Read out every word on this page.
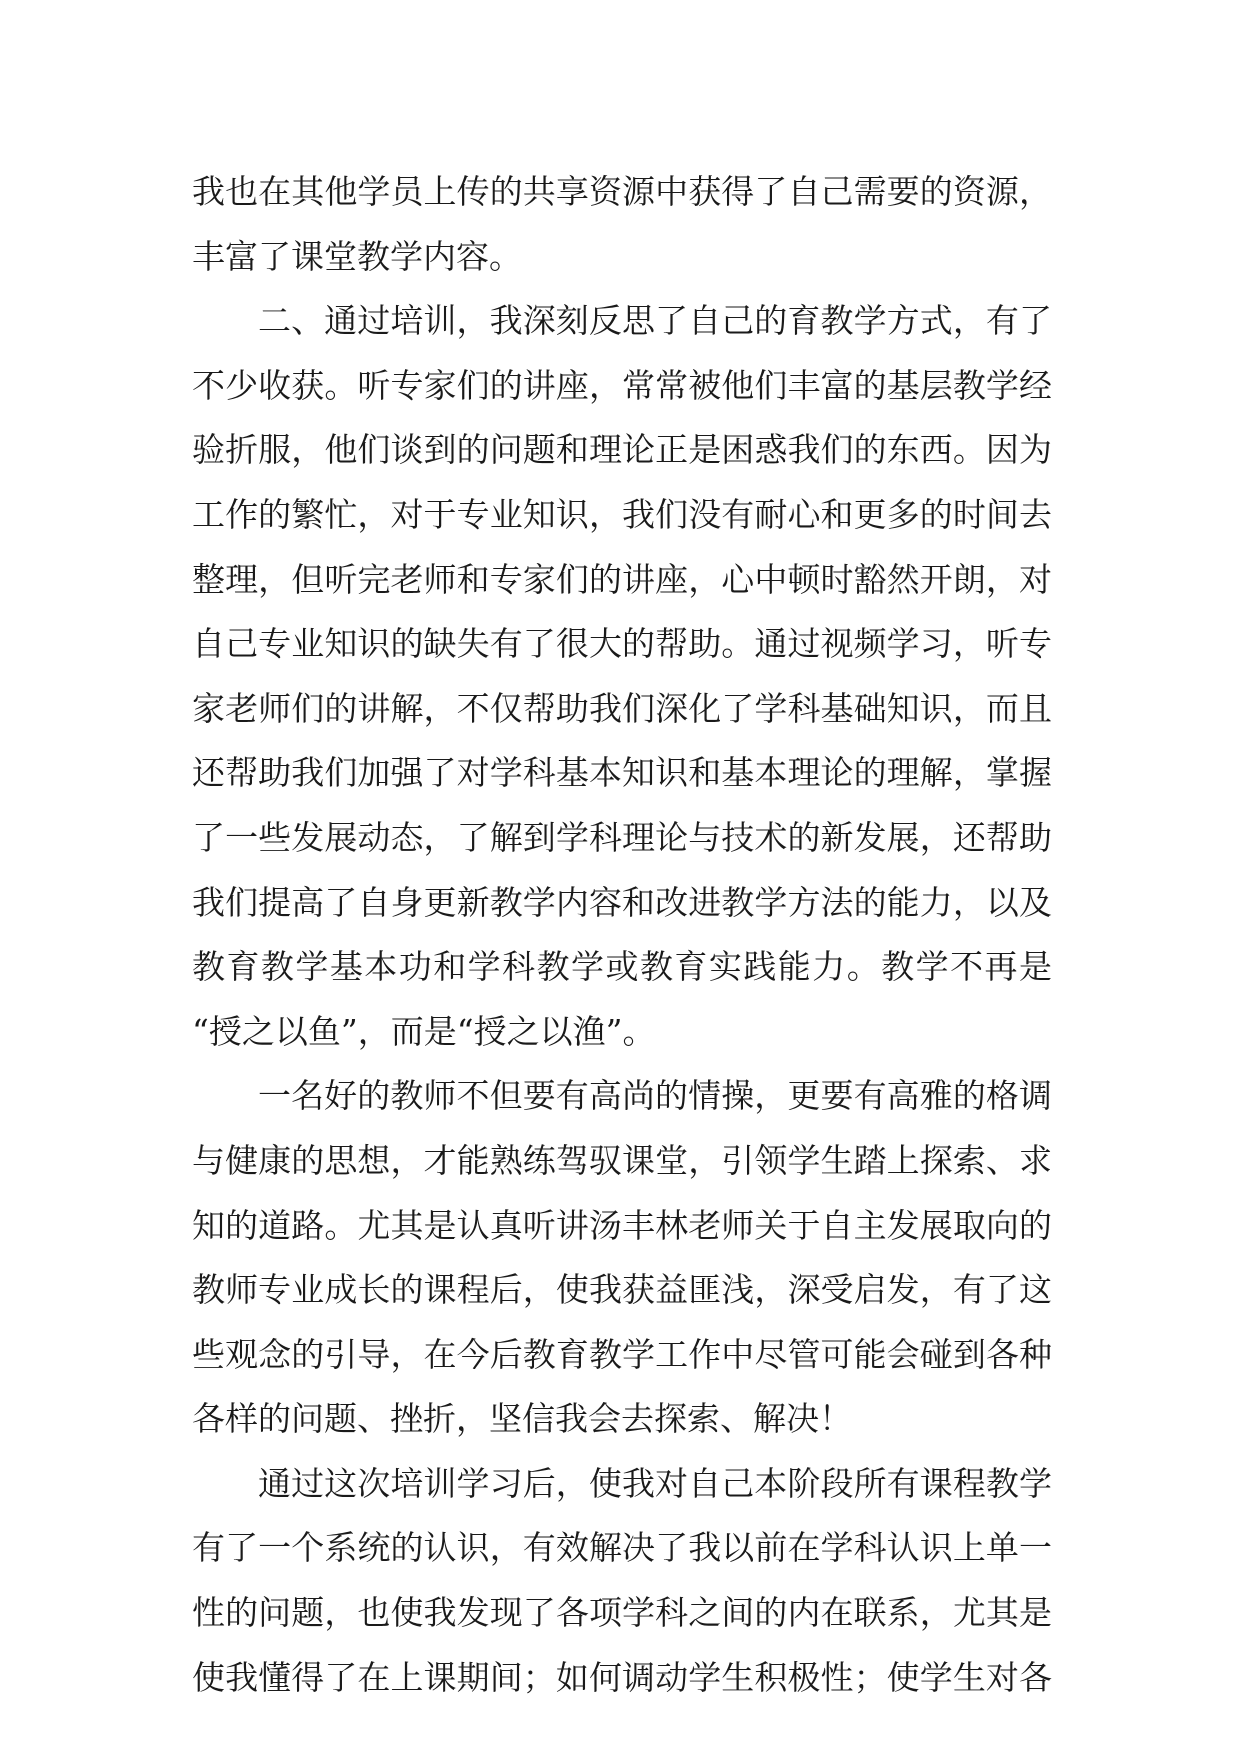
我也在其他学员上传的共享资源中获得了自己需要的资源，
丰富了课堂教学内容。
二、通过培训，我深刻反思了自己的育教学方式，有了
不少收获。听专家们的讲座，常常被他们丰富的基层教学经
验折服，他们谈到的问题和理论正是困惑我们的东西。因为
工作的繁忙，对于专业知识，我们没有耐心和更多的时间去
整理，但听完老师和专家们的讲座，心中顿时豁然开朗，对
自己专业知识的缺失有了很大的帮助。通过视频学习，听专
家老师们的讲解，不仅帮助我们深化了学科基础知识，而且
还帮助我们加强了对学科基本知识和基本理论的理解，掌握
了一些发展动态，了解到学科理论与技术的新发展，还帮助
我们提高了自身更新教学内容和改进教学方法的能力，以及
教育教学基本功和学科教学或教育实践能力。教学不再是
“授之以鱼”，而是“授之以渔”。
一名好的教师不但要有高尚的情操，更要有高雅的格调
与健康的思想，才能熟练驾驭课堂，引领学生踏上探索、求
知的道路。尤其是认真听讲汤丰林老师关于自主发展取向的
教师专业成长的课程后，使我获益匪浅，深受启发，有了这
些观念的引导，在今后教育教学工作中尽管可能会碰到各种
各样的问题、挫折，坚信我会去探索、解决！
通过这次培训学习后，使我对自己本阶段所有课程教学
有了一个系统的认识，有效解决了我以前在学科认识上单一
性的问题，也使我发现了各项学科之间的内在联系，尤其是
使我懂得了在上课期间；如何调动学生积极性；使学生对各
